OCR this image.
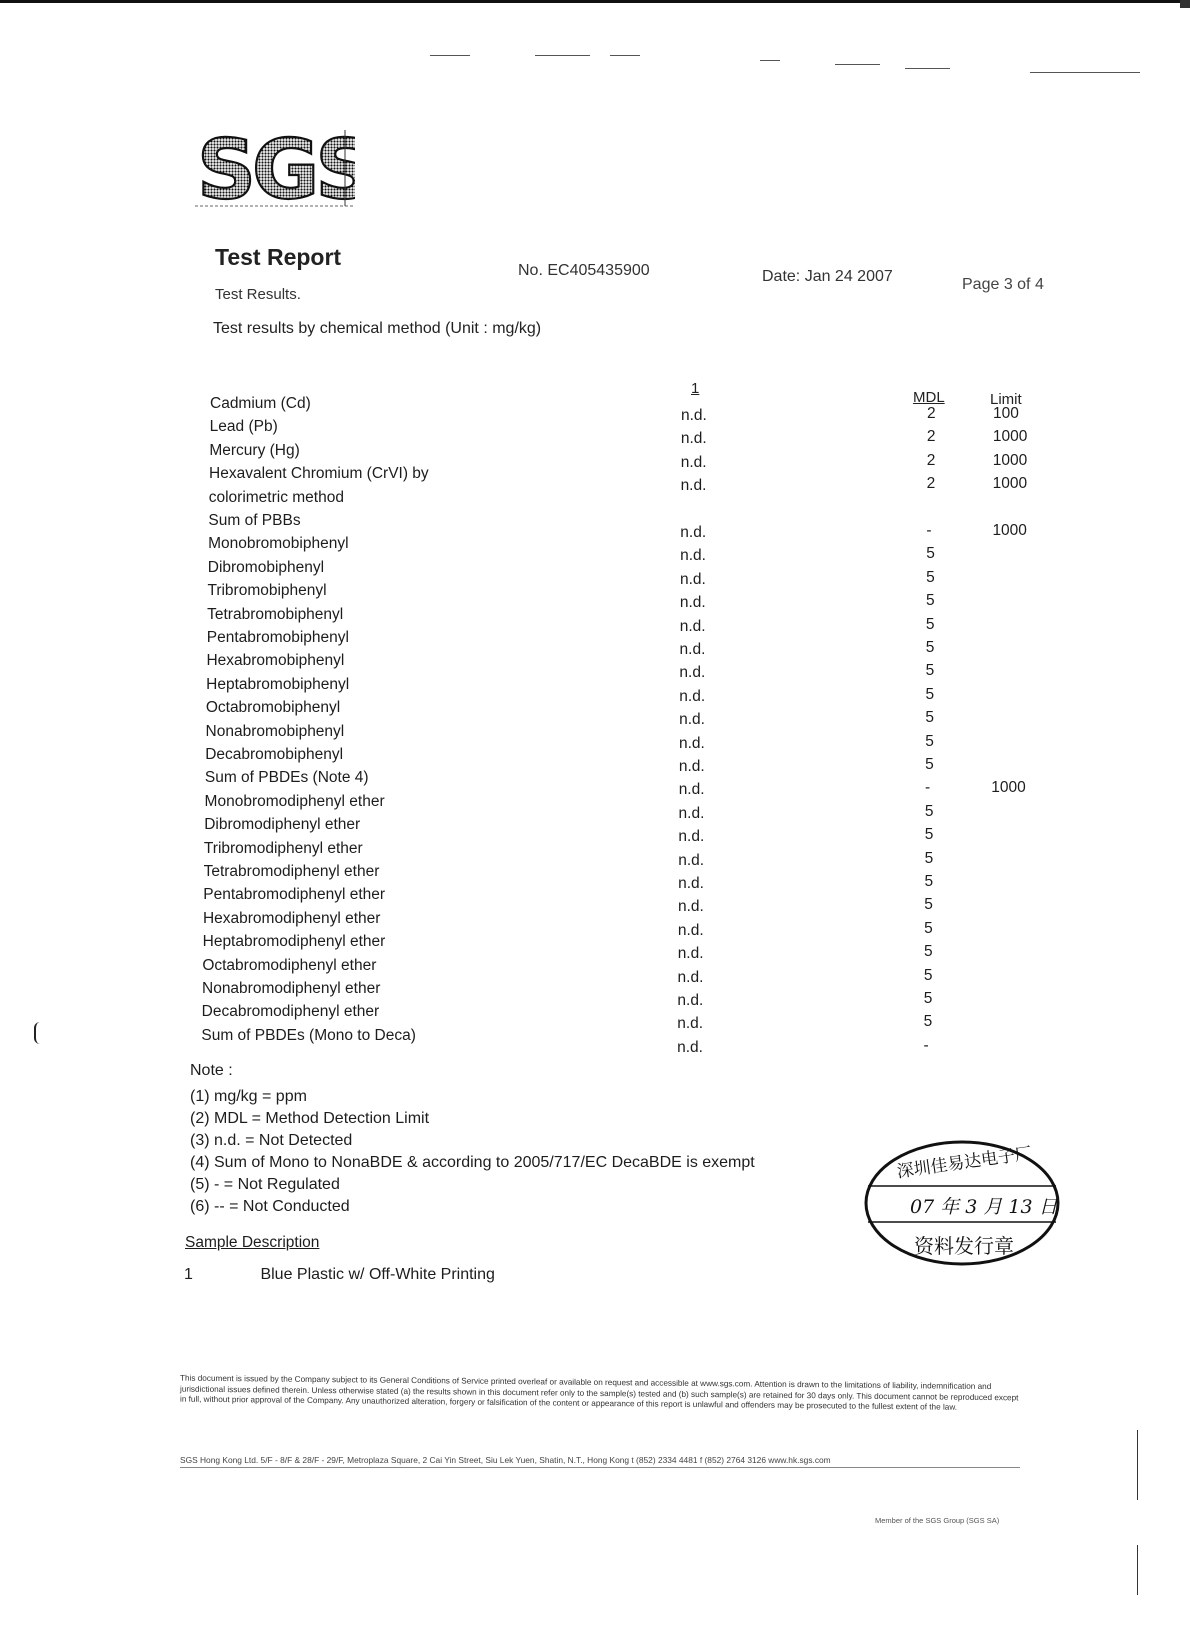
SGS
Test Report
No. EC405435900	Date: Jan 24 2007	Page 3 of 4
Test Results.
Test results by chemical method (Unit : mg/kg)
1
MDL	Limit
Cadmium (Cd)
n.d.	2	100
Lead (Pb)
n.d.	2	1000
Mercury (Hg)
n.d.	2	1000
Hexavalent Chromium (CrVI) by
n.d.	2	1000
colorimetric method
Sum of PBBs
n.d.	-	1000
Monobromobiphenyl
n.d.	5
Dibromobiphenyl
n.d.	5
Tribromobiphenyl
n.d.	5
Tetrabromobiphenyl
n.d.	5
Pentabromobiphenyl
n.d.	5
Hexabromobiphenyl
n.d.	5
Heptabromobiphenyl
n.d.	5
Octabromobiphenyl
n.d.	5
Nonabromobiphenyl
n.d.	5
Decabromobiphenyl
n.d.	5
Sum of PBDEs (Note 4)
n.d.	-	1000
Monobromodiphenyl ether
n.d.	5
Dibromodiphenyl ether
n.d.	5
Tribromodiphenyl ether
n.d.	5
Tetrabromodiphenyl ether
n.d.	5
Pentabromodiphenyl ether
n.d.	5
Hexabromodiphenyl ether
n.d.	5
Heptabromodiphenyl ether
n.d.	5
Octabromodiphenyl ether
n.d.	5
Nonabromodiphenyl ether
n.d.	5
Decabromodiphenyl ether
n.d.	5
Sum of PBDEs (Mono to Deca)
n.d.	-
Note :
(1) mg/kg = ppm
(2) MDL = Method Detection Limit
(3) n.d. = Not Detected
(4) Sum of Mono to NonaBDE & according to 2005/717/EC DecaBDE is exempt
(5) - = Not Regulated
(6) -- = Not Conducted
Sample Description
1	Blue Plastic w/ Off-White Printing
深圳佳易达电子厂
07 年 3 月 13 日
资料发行章
This document is issued by the Company subject to its General Conditions of Service printed overleaf or available on request and accessible at www.sgs.com. Attention is drawn to the limitations of liability, indemnification and jurisdictional issues defined therein. Unless otherwise stated (a) the results shown in this document refer only to the sample(s) tested and (b) such sample(s) are retained for 30 days only. This document cannot be reproduced except in full, without prior approval of the Company. Any unauthorized alteration, forgery or falsification of the content or appearance of this report is unlawful and offenders may be prosecuted to the fullest extent of the law.
SGS Hong Kong Ltd. 5/F - 8/F & 28/F - 29/F, Metroplaza Square, 2 Cai Yin Street, Siu Lek Yuen, Shatin, N.T., Hong Kong t (852) 2334 4481 f (852) 2764 3126 www.hk.sgs.com
Member of the SGS Group (SGS SA)
